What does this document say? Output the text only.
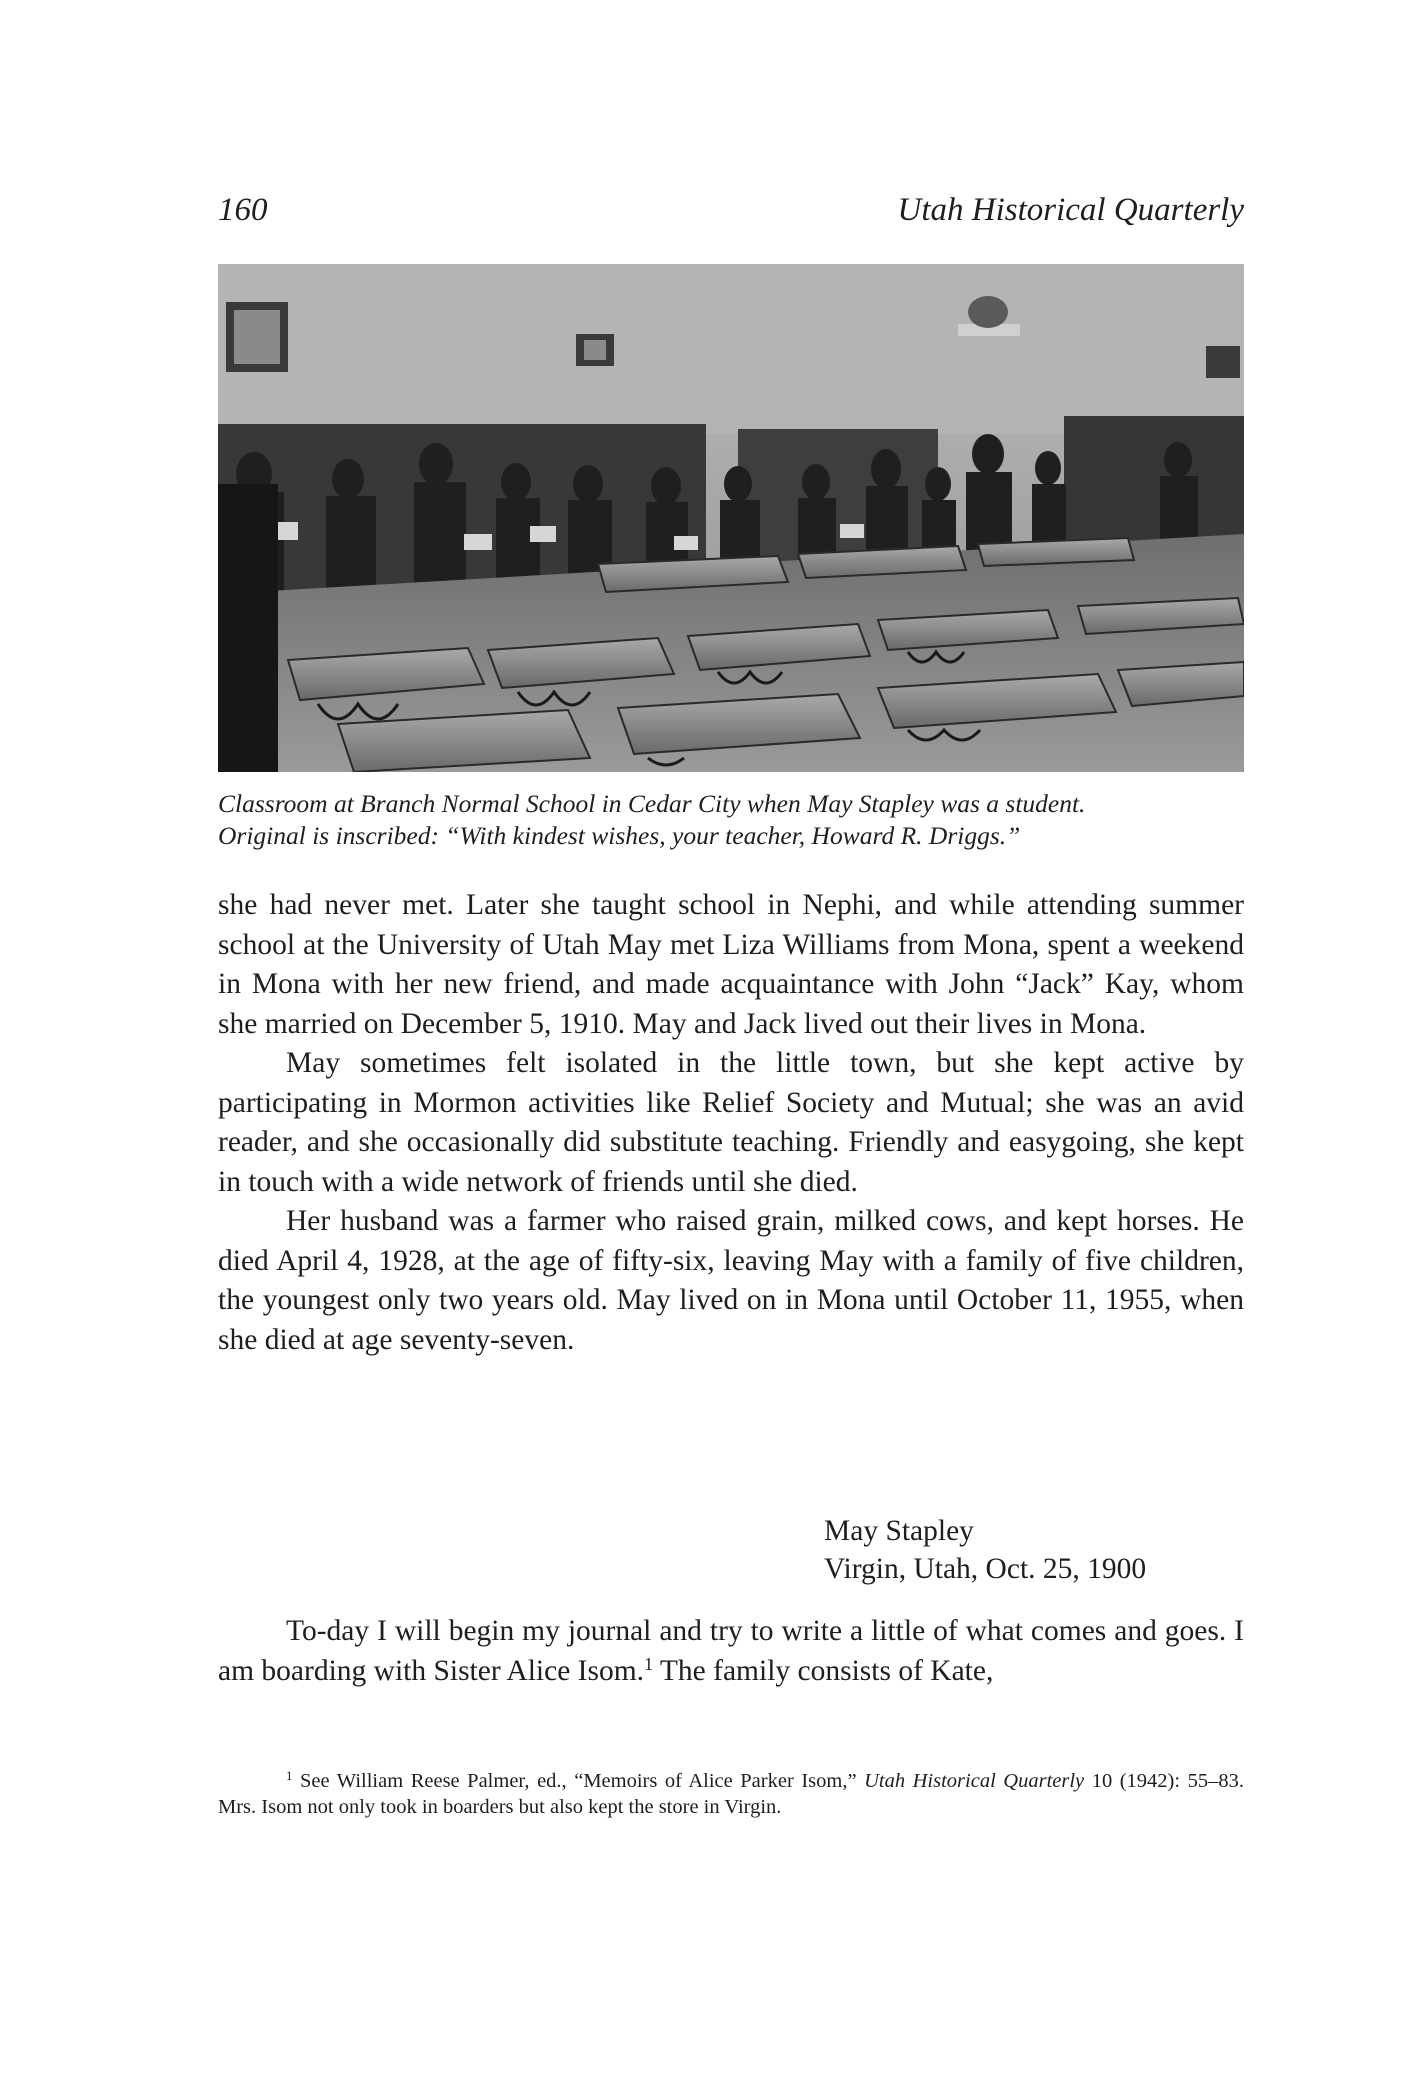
160	Utah Historical Quarterly

Classroom at Branch Normal School in Cedar City when May Stapley was a student.

Original is inscribed: “With kindest wishes, your teacher, Howard R. Driggs.”

she had never met. Later she taught school in Nephi, and while attending summer school at the University of Utah May met Liza Williams from Mona, spent a weekend in Mona with her new friend, and made acquaintance with John “Jack” Kay, whom she married on December 5, 1910. May and Jack lived out their lives in Mona.

May sometimes felt isolated in the little town, but she kept active by participating in Mormon activities like Relief Society and Mutual; she was an avid reader, and she occasionally did substitute teaching. Friendly and easygoing, she kept in touch with a wide network of friends until she died.

Her husband was a farmer who raised grain, milked cows, and kept horses. He died April 4, 1928, at the age of fifty-six, leaving May with a family of five children, the youngest only two years old. May lived on in Mona until October 11, 1955, when she died at age seventy-seven.

May Stapley
Virgin, Utah, Oct. 25, 1900

To-day I will begin my journal and try to write a little of what comes and goes. I am boarding with Sister Alice Isom.$^1$ The family consists of Kate,

$^1$ See William Reese Palmer, ed., “Memoirs of Alice Parker Isom,” Utah Historical Quarterly 10 (1942): 55–83. Mrs. Isom not only took in boarders but also kept the store in Virgin.
